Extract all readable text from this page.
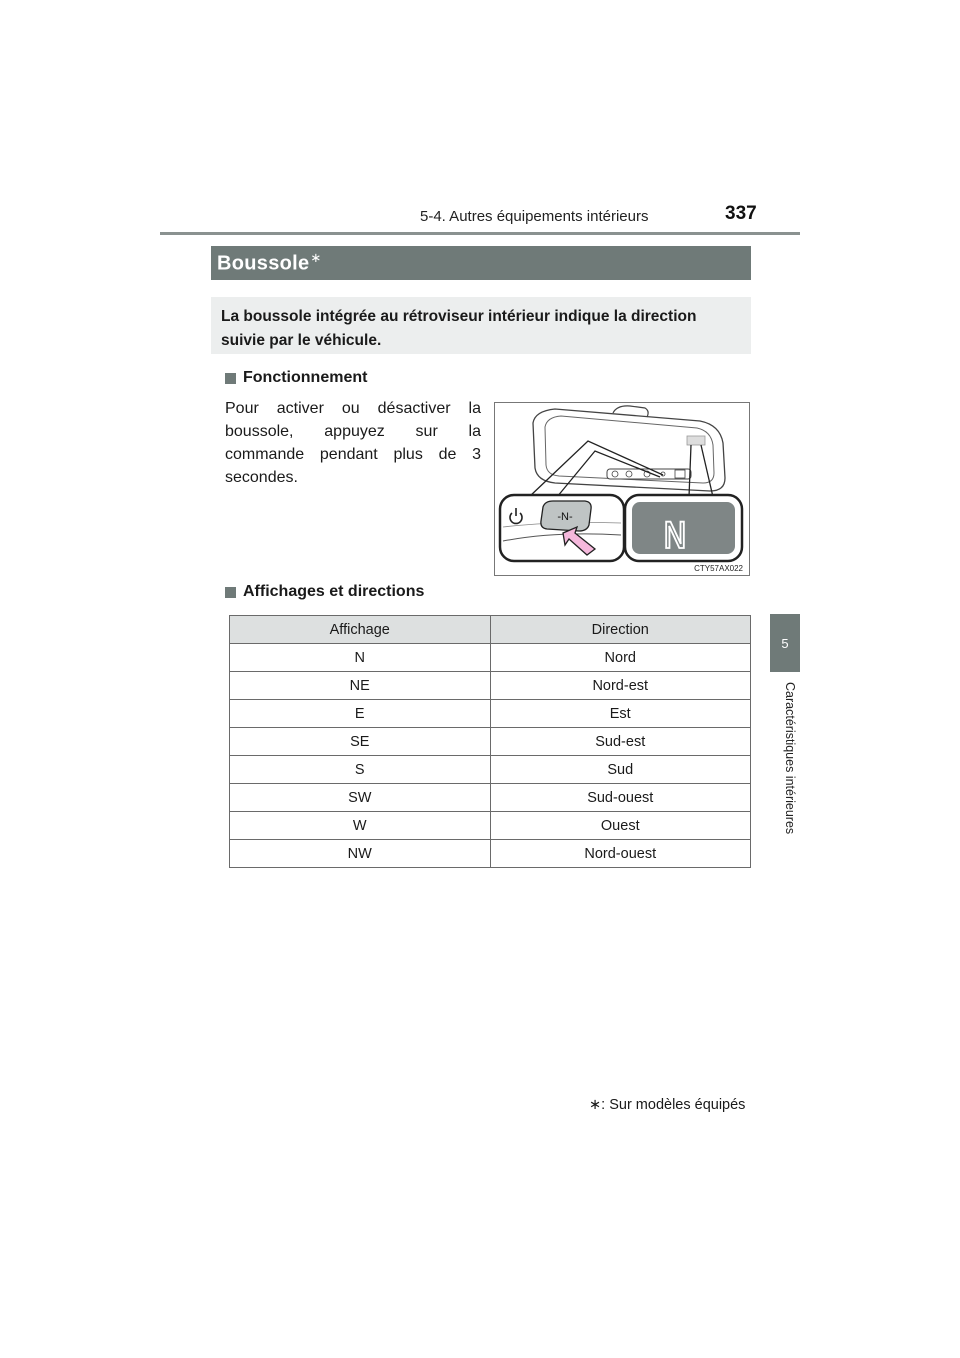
5-4. Autres équipements intérieurs	337
5
Caractéristiques intérieures
Boussole∗
La boussole intégrée au rétroviseur intérieur indique la direction suivie par le véhicule.
Fonctionnement
Pour activer ou désactiver la boussole, appuyez sur la commande pendant plus de 3 secondes.
-N- N
CTY57AX022
Affichages et directions
Affichage	Direction
N	Nord
NE	Nord-est
E	Est
SE	Sud-est
S	Sud
SW	Sud-ouest
W	Ouest
NW	Nord-ouest
∗: Sur modèles équipés
